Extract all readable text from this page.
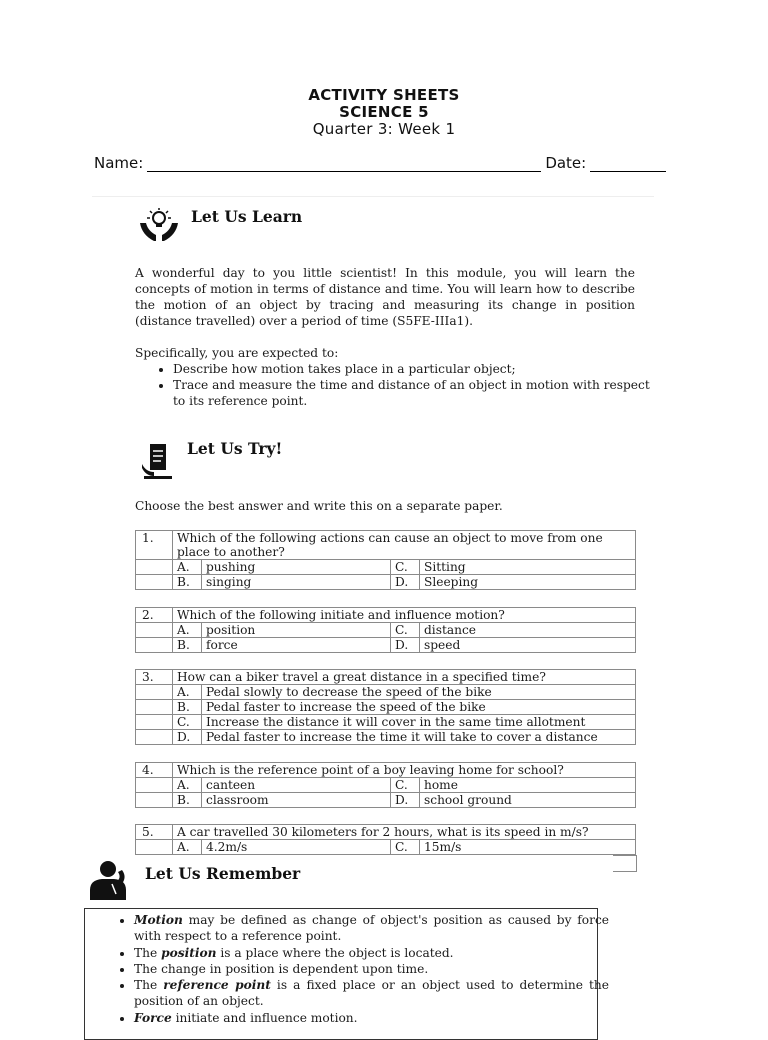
ACTIVITY SHEETS
SCIENCE 5
Quarter 3: Week 1
Name:	Date:
Let Us Learn
A wonderful day to you little scientist! In this module, you will learn the concepts of motion in terms of distance and time. You will learn how to describe the motion of an object by tracing and measuring its change in position (distance travelled) over a period of time (S5FE-IIIa1).
Specifically, you are expected to:
• Describe how motion takes place in a particular object;
• Trace and measure the time and distance of an object in motion with respect to its reference point.
Let Us Try!
Choose the best answer and write this on a separate paper.
1.	Which of the following actions can cause an object to move from one place to another?			
	A.	pushing	C.	Sitting
	B.	singing	D.	Sleeping
2.	Which of the following initiate and influence motion?			
	A.	position	C.	distance
	B.	force	D.	speed
3.	How can a biker travel a great distance in a specified time?	
	A.	Pedal slowly to decrease the speed of the bike
	B.	Pedal faster to increase the speed of the bike
	C.	Increase the distance it will cover in the same time allotment
	D.	Pedal faster to increase the time it will take to cover a distance
4.	Which is the reference point of a boy leaving home for school?			
	A.	canteen	C.	home
	B.	classroom	D.	school ground
5.	A car travelled 30 kilometers for 2 hours, what is its speed in m/s?			
	A.	4.2m/s	C.	15m/s
Let Us Remember
• Motion may be defined as change of object's position as caused by force with respect to a reference point.
• The position is a place where the object is located.
• The change in position is dependent upon time.
• The reference point is a fixed place or an object used to determine the position of an object.
• Force initiate and influence motion.
